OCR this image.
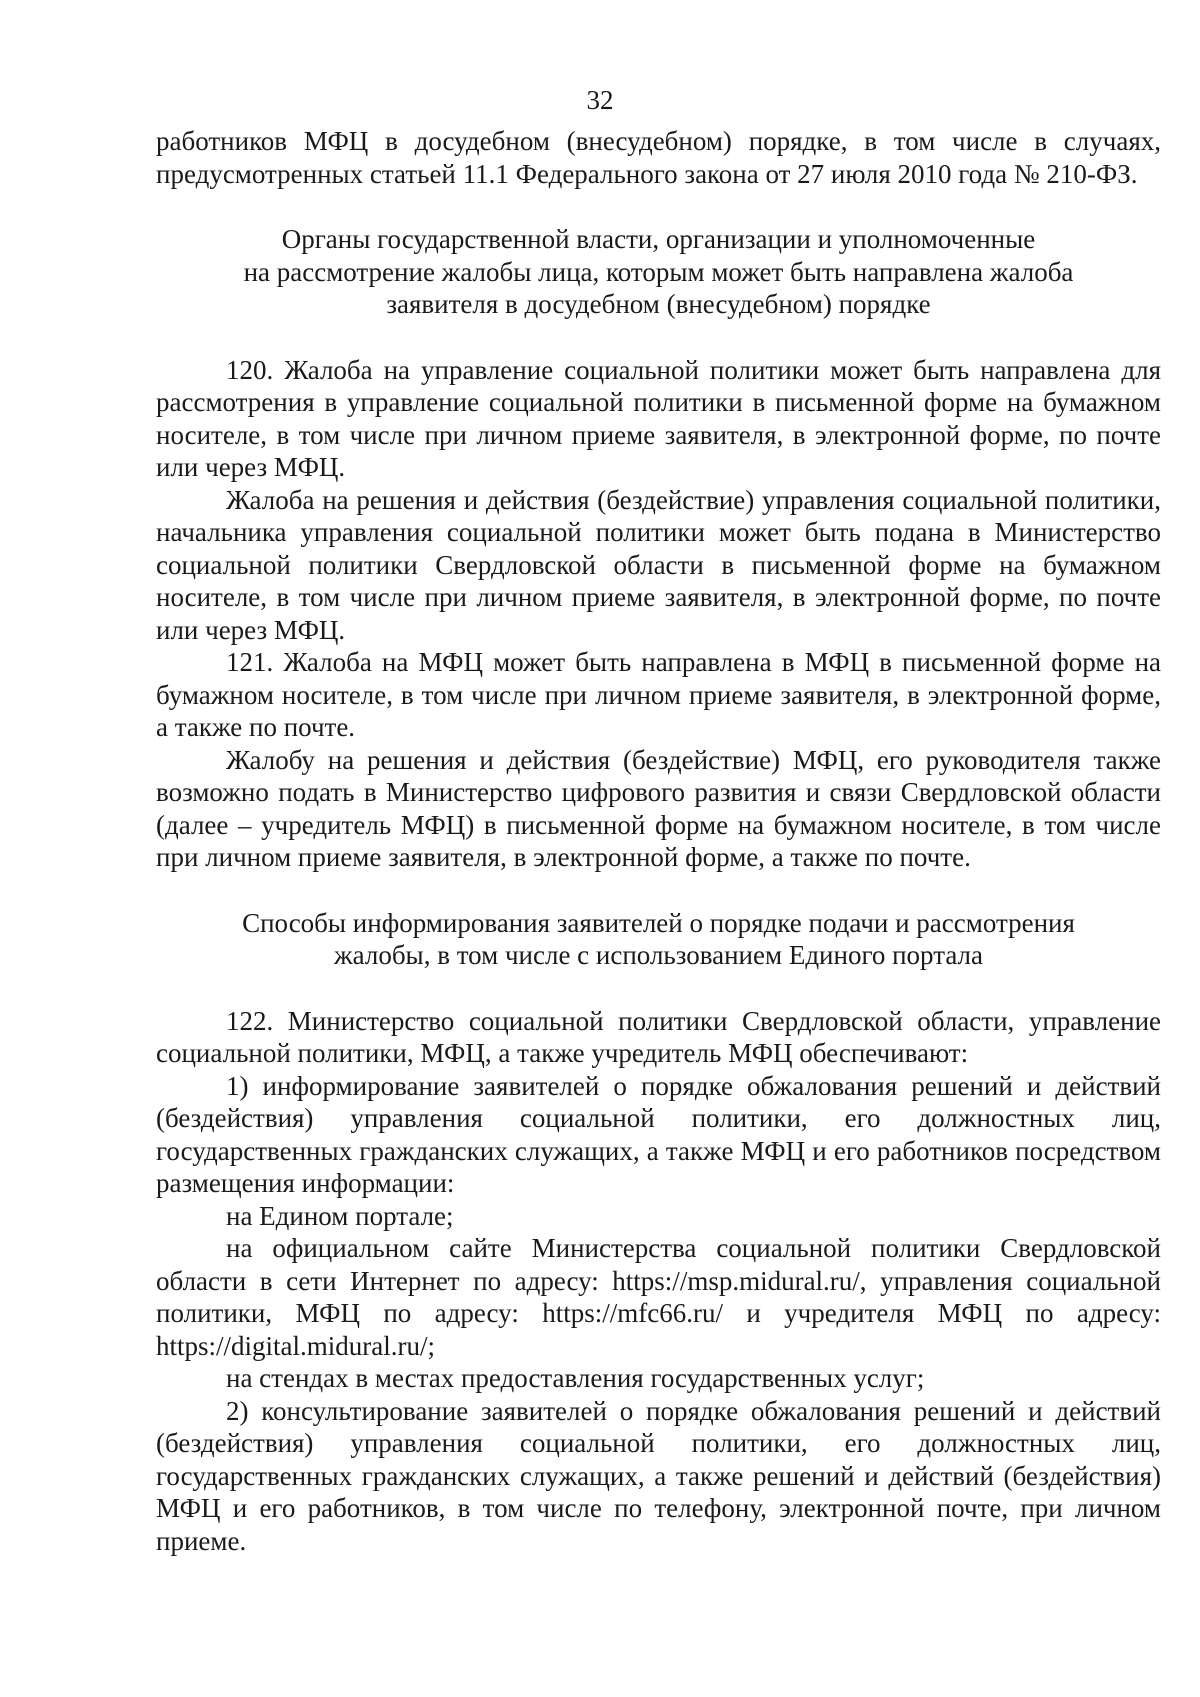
32

работников МФЦ в досудебном (внесудебном) порядке, в том числе в случаях, предусмотренных статьей 11.1 Федерального закона от 27 июля 2010 года № 210-ФЗ.

Органы государственной власти, организации и уполномоченные

на рассмотрение жалобы лица, которым может быть направлена жалоба

заявителя в досудебном (внесудебном) порядке

120. Жалоба на управление социальной политики может быть направлена для рассмотрения в управление социальной политики в письменной форме на бумажном носителе, в том числе при личном приеме заявителя, в электронной форме, по почте или через МФЦ.

Жалоба на решения и действия (бездействие) управления социальной политики, начальника управления социальной политики может быть подана в Министерство социальной политики Свердловской области в письменной форме на бумажном носителе, в том числе при личном приеме заявителя, в электронной форме, по почте или через МФЦ.

121. Жалоба на МФЦ может быть направлена в МФЦ в письменной форме на бумажном носителе, в том числе при личном приеме заявителя, в электронной форме, а также по почте.

Жалобу на решения и действия (бездействие) МФЦ, его руководителя также возможно подать в Министерство цифрового развития и связи Свердловской области (далее – учредитель МФЦ) в письменной форме на бумажном носителе, в том числе при личном приеме заявителя, в электронной форме, а также по почте.

Способы информирования заявителей о порядке подачи и рассмотрения

жалобы, в том числе с использованием Единого портала

122. Министерство социальной политики Свердловской области, управление социальной политики, МФЦ, а также учредитель МФЦ обеспечивают:

1) информирование заявителей о порядке обжалования решений и действий (бездействия) управления социальной политики, его должностных лиц, государственных гражданских служащих, а также МФЦ и его работников посредством размещения информации:

на Едином портале;

на официальном сайте Министерства социальной политики Свердловской области в сети Интернет по адресу: https://msp.midural.ru/, управления социальной политики, МФЦ по адресу: https://mfc66.ru/ и учредителя МФЦ по адресу: https://digital.midural.ru/;

на стендах в местах предоставления государственных услуг;

2) консультирование заявителей о порядке обжалования решений и действий (бездействия) управления социальной политики, его должностных лиц, государственных гражданских служащих, а также решений и действий (бездействия) МФЦ и его работников, в том числе по телефону, электронной почте, при личном приеме.
